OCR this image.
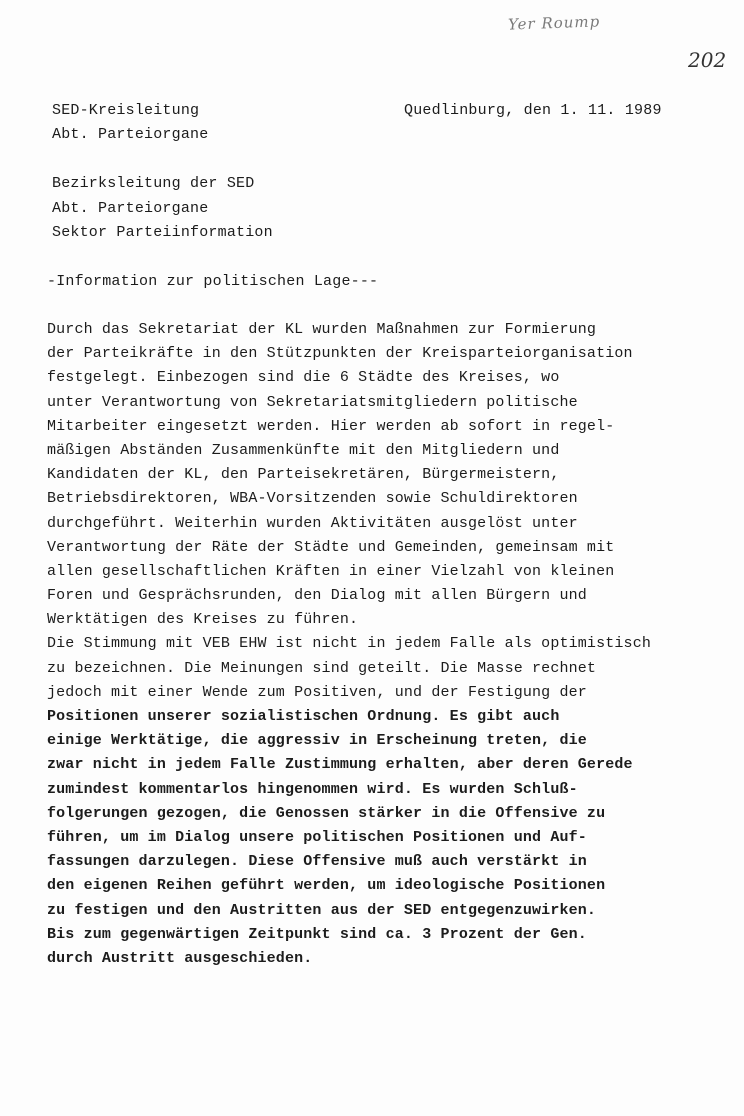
Yer Roump
202
SED-Kreisleitung
Abt. Parteiorgane
Quedlinburg, den 1. 11. 1989
Bezirksleitung der SED
Abt. Parteiorgane
Sektor Parteiinformation
-Information zur politischen Lage---
Durch das Sekretariat der KL wurden Maßnahmen zur Formierung
der Parteikräfte in den Stützpunkten der Kreisparteiorganisation
festgelegt. Einbezogen sind die 6 Städte des Kreises, wo
unter Verantwortung von Sekretariatsmitgliedern politische
Mitarbeiter eingesetzt werden. Hier werden ab sofort in regel-
mäßigen Abständen Zusammenkünfte mit den Mitgliedern und
Kandidaten der KL, den Parteisekretären, Bürgermeistern,
Betriebsdirektoren, WBA-Vorsitzenden sowie Schuldirektoren
durchgeführt. Weiterhin wurden Aktivitäten ausgelöst unter
Verantwortung der Räte der Städte und Gemeinden, gemeinsam mit
allen gesellschaftlichen Kräften in einer Vielzahl von kleinen
Foren und Gesprächsrunden, den Dialog mit allen Bürgern und
Werktätigen des Kreises zu führen.
Die Stimmung mit VEB EHW ist nicht in jedem Falle als optimistisch
zu bezeichnen. Die Meinungen sind geteilt. Die Masse rechnet
jedoch mit einer Wende zum Positiven, und der Festigung der
Positionen unserer sozialistischen Ordnung. Es gibt auch
einige Werktätige, die aggressiv in Erscheinung treten, die
zwar nicht in jedem Falle Zustimmung erhalten, aber deren Gerede
zumindest kommentarlos hingenommen wird. Es wurden Schluß-
folgerungen gezogen, die Genossen stärker in die Offensive zu
führen, um im Dialog unsere politischen Positionen und Auf-
fassungen darzulegen. Diese Offensive muß auch verstärkt in
den eigenen Reihen geführt werden, um ideologische Positionen
zu festigen und den Austritten aus der SED entgegenzuwirken.
Bis zum gegenwärtigen Zeitpunkt sind ca. 3 Prozent der Gen.
durch Austritt ausgeschieden.
